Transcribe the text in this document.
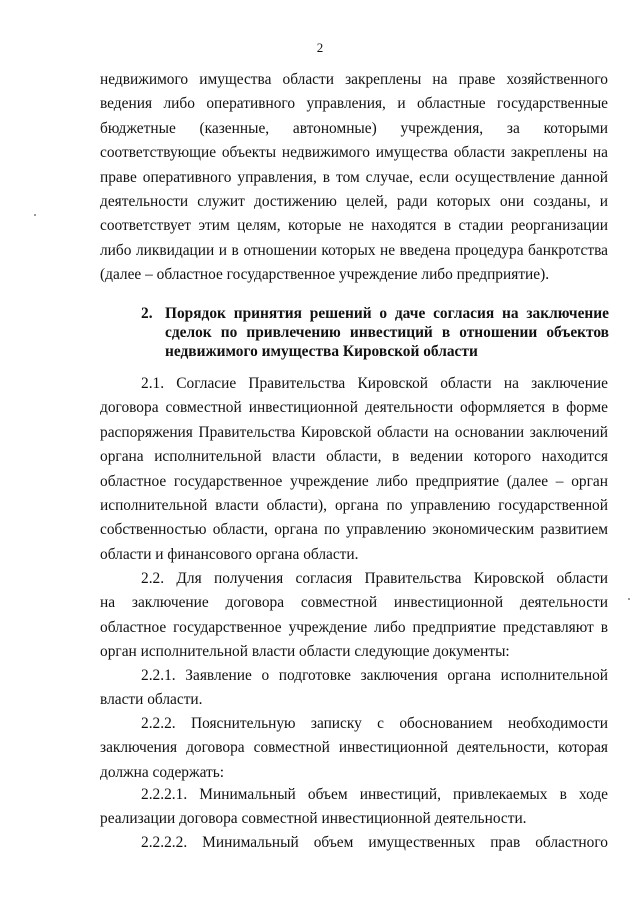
2
недвижимого имущества области закреплены на праве хозяйственного
ведения либо оперативного управления, и областные государственные
бюджетные (казенные, автономные) учреждения, за которыми
соответствующие объекты недвижимого имущества области закреплены на
праве оперативного управления, в том случае, если осуществление данной
деятельности служит достижению целей, ради которых они созданы, и
соответствует этим целям, которые не находятся в стадии реорганизации
либо ликвидации и в отношении которых не введена процедура банкротства
(далее – областное государственное учреждение либо предприятие).
2. Порядок принятия решений о даче согласия на заключение
сделок по привлечению инвестиций в отношении объектов
недвижимого имущества Кировской области
2.1. Согласие Правительства Кировской области на заключение
договора совместной инвестиционной деятельности оформляется в форме
распоряжения Правительства Кировской области на основании заключений
органа исполнительной власти области, в ведении которого находится
областное государственное учреждение либо предприятие (далее – орган
исполнительной власти области), органа по управлению государственной
собственностью области, органа по управлению экономическим развитием
области и финансового органа области.
2.2. Для получения согласия Правительства Кировской области
на заключение договора совместной инвестиционной деятельности
областное государственное учреждение либо предприятие представляют в
орган исполнительной власти области следующие документы:
2.2.1. Заявление о подготовке заключения органа исполнительной
власти области.
2.2.2. Пояснительную записку с обоснованием необходимости
заключения договора совместной инвестиционной деятельности, которая
должна содержать:
2.2.2.1. Минимальный объем инвестиций, привлекаемых в ходе
реализации договора совместной инвестиционной деятельности.
2.2.2.2. Минимальный объем имущественных прав областного
